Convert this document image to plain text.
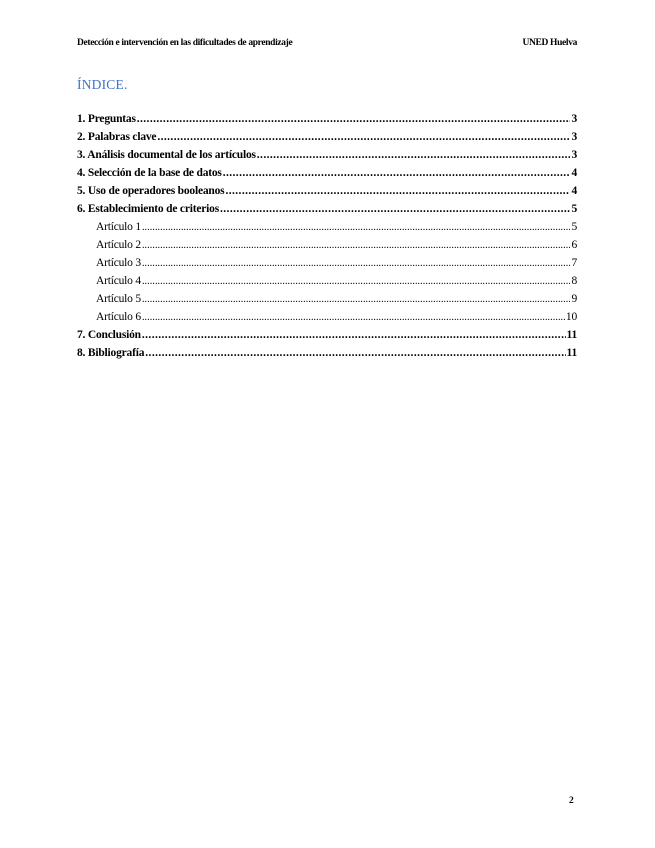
Detección e intervención en las dificultades de aprendizaje	UNED Huelva
ÍNDICE.
1. Preguntas .....	3
2. Palabras clave .....	3
3. Análisis documental de los artículos .....	3
4. Selección de la base de datos .....	4
5. Uso de operadores booleanos .....	4
6. Establecimiento de criterios .....	5
Artículo 1 .....	5
Artículo 2 .....	6
Artículo 3 .....	7
Artículo 4 .....	8
Artículo 5 .....	9
Artículo 6 .....	10
7. Conclusión .....	11
8. Bibliografía .....	11
2
